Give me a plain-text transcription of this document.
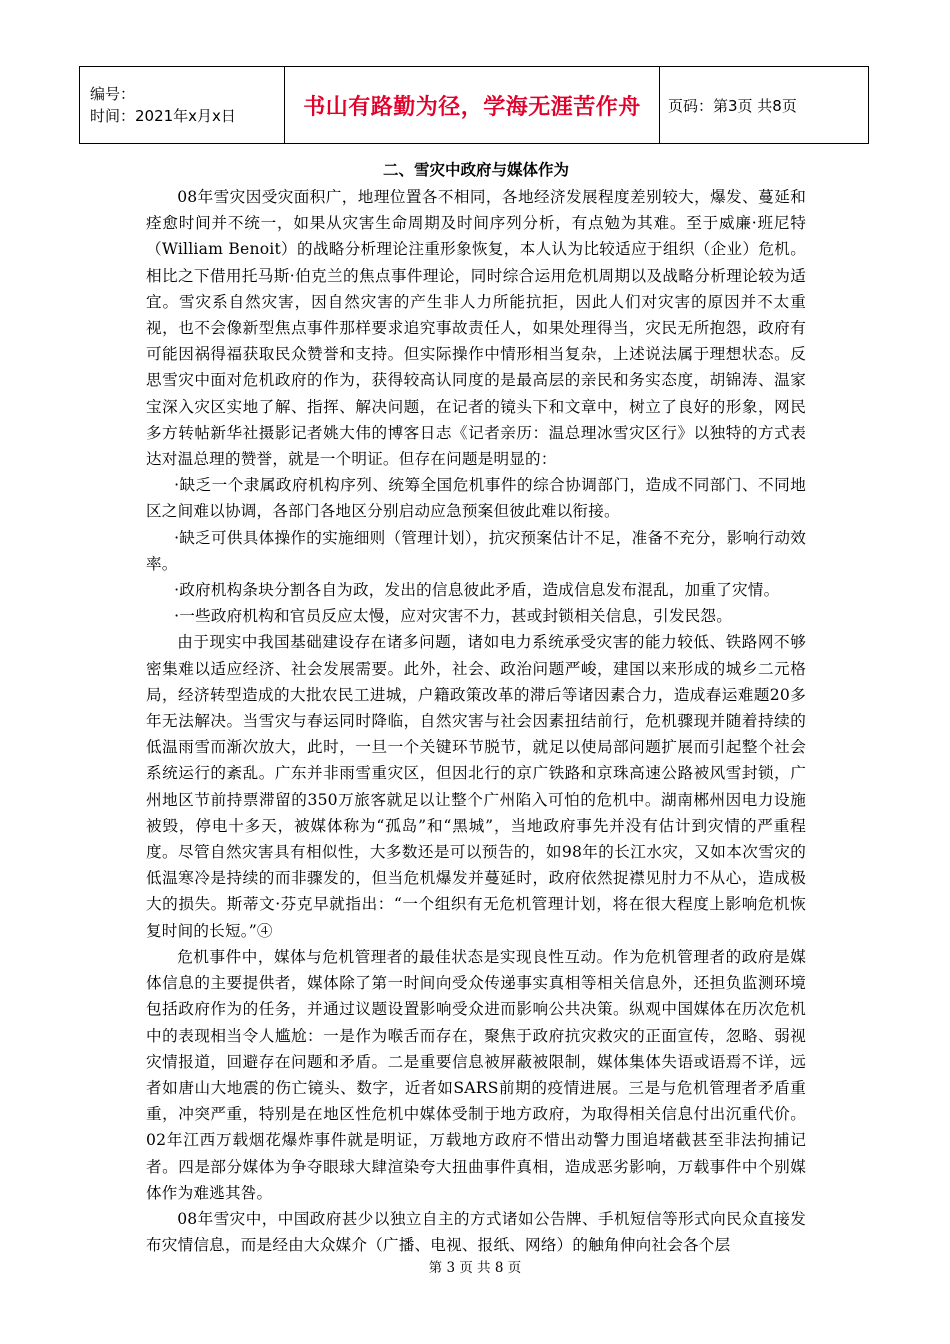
编号：
时间：2021年x月x日	书山有路勤为径，学海无涯苦作舟	页码：第3页 共8页

二、雪灾中政府与媒体作为

08年雪灾因受灾面积广，地理位置各不相同，各地经济发展程度差别较大，爆发、蔓延和痊愈时间并不统一，如果从灾害生命周期及时间序列分析，有点勉为其难。至于威廉·班尼特（William Benoit）的战略分析理论注重形象恢复，本人认为比较适应于组织（企业）危机。相比之下借用托马斯·伯克兰的焦点事件理论，同时综合运用危机周期以及战略分析理论较为适宜。雪灾系自然灾害，因自然灾害的产生非人力所能抗拒，因此人们对灾害的原因并不太重视，也不会像新型焦点事件那样要求追究事故责任人，如果处理得当，灾民无所抱怨，政府有可能因祸得福获取民众赞誉和支持。但实际操作中情形相当复杂，上述说法属于理想状态。反思雪灾中面对危机政府的作为，获得较高认同度的是最高层的亲民和务实态度，胡锦涛、温家宝深入灾区实地了解、指挥、解决问题，在记者的镜头下和文章中，树立了良好的形象，网民多方转帖新华社摄影记者姚大伟的博客日志《记者亲历：温总理冰雪灾区行》以独特的方式表达对温总理的赞誉，就是一个明证。但存在问题是明显的：

·缺乏一个隶属政府机构序列、统筹全国危机事件的综合协调部门，造成不同部门、不同地区之间难以协调，各部门各地区分别启动应急预案但彼此难以衔接。

·缺乏可供具体操作的实施细则（管理计划），抗灾预案估计不足，准备不充分，影响行动效率。

·政府机构条块分割各自为政，发出的信息彼此矛盾，造成信息发布混乱，加重了灾情。

·一些政府机构和官员反应太慢，应对灾害不力，甚或封锁相关信息，引发民怨。

由于现实中我国基础建设存在诸多问题，诸如电力系统承受灾害的能力较低、铁路网不够密集难以适应经济、社会发展需要。此外，社会、政治问题严峻，建国以来形成的城乡二元格局，经济转型造成的大批农民工进城，户籍政策改革的滞后等诸因素合力，造成春运难题20多年无法解决。当雪灾与春运同时降临，自然灾害与社会因素扭结前行，危机骤现并随着持续的低温雨雪而渐次放大，此时，一旦一个关键环节脱节，就足以使局部问题扩展而引起整个社会系统运行的紊乱。广东并非雨雪重灾区，但因北行的京广铁路和京珠高速公路被风雪封锁，广州地区节前持票滞留的350万旅客就足以让整个广州陷入可怕的危机中。湖南郴州因电力设施被毁，停电十多天，被媒体称为“孤岛”和“黑城”，当地政府事先并没有估计到灾情的严重程度。尽管自然灾害具有相似性，大多数还是可以预告的，如98年的长江水灾，又如本次雪灾的低温寒冷是持续的而非骤发的，但当危机爆发并蔓延时，政府依然捉襟见肘力不从心，造成极大的损失。斯蒂文·芬克早就指出：“一个组织有无危机管理计划，将在很大程度上影响危机恢复时间的长短。”④

危机事件中，媒体与危机管理者的最佳状态是实现良性互动。作为危机管理者的政府是媒体信息的主要提供者，媒体除了第一时间向受众传递事实真相等相关信息外，还担负监测环境包括政府作为的任务，并通过议题设置影响受众进而影响公共决策。纵观中国媒体在历次危机中的表现相当令人尴尬：一是作为喉舌而存在，聚焦于政府抗灾救灾的正面宣传，忽略、弱视灾情报道，回避存在问题和矛盾。二是重要信息被屏蔽被限制，媒体集体失语或语焉不详，远者如唐山大地震的伤亡镜头、数字，近者如SARS前期的疫情进展。三是与危机管理者矛盾重重，冲突严重，特别是在地区性危机中媒体受制于地方政府，为取得相关信息付出沉重代价。02年江西万载烟花爆炸事件就是明证，万载地方政府不惜出动警力围追堵截甚至非法拘捕记者。四是部分媒体为争夺眼球大肆渲染夸大扭曲事件真相，造成恶劣影响，万载事件中个别媒体作为难逃其咎。

08年雪灾中，中国政府甚少以独立自主的方式诸如公告牌、手机短信等形式向民众直接发布灾情信息，而是经由大众媒介（广播、电视、报纸、网络）的触角伸向社会各个层

第 3 页 共 8 页
